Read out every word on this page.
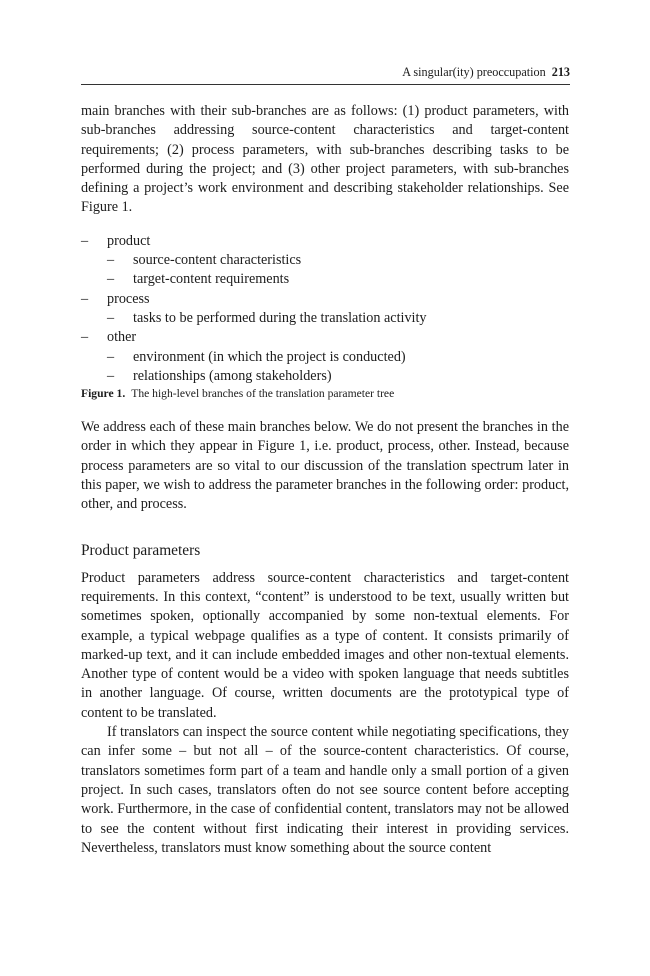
A singular(ity) preoccupation 213

main branches with their sub-branches are as follows: (1) product parameters, with sub-branches addressing source-content characteristics and target-content requirements; (2) process parameters, with sub-branches describing tasks to be performed during the project; and (3) other project parameters, with sub-branches defining a project’s work environment and describing stakeholder relationships. See Figure 1.

–	product
–	source-content characteristics
–	target-content requirements
–	process
–	tasks to be performed during the translation activity
–	other
–	environment (in which the project is conducted)
–	relationships (among stakeholders)

Figure 1. The high-level branches of the translation parameter tree

We address each of these main branches below. We do not present the branches in the order in which they appear in Figure 1, i.e. product, process, other. Instead, because process parameters are so vital to our discussion of the translation spectrum later in this paper, we wish to address the parameter branches in the following order: product, other, and process.

Product parameters

Product parameters address source-content characteristics and target-content requirements. In this context, “content” is understood to be text, usually written but sometimes spoken, optionally accompanied by some non-textual elements. For example, a typical webpage qualifies as a type of content. It consists primarily of marked-up text, and it can include embedded images and other non-textual elements. Another type of content would be a video with spoken language that needs subtitles in another language. Of course, written documents are the prototypical type of content to be translated.

If translators can inspect the source content while negotiating specifications, they can infer some – but not all – of the source-content characteristics. Of course, translators sometimes form part of a team and handle only a small portion of a given project. In such cases, translators often do not see source content before accepting work. Furthermore, in the case of confidential content, translators may not be allowed to see the content without first indicating their interest in providing services. Nevertheless, translators must know something about the source content
